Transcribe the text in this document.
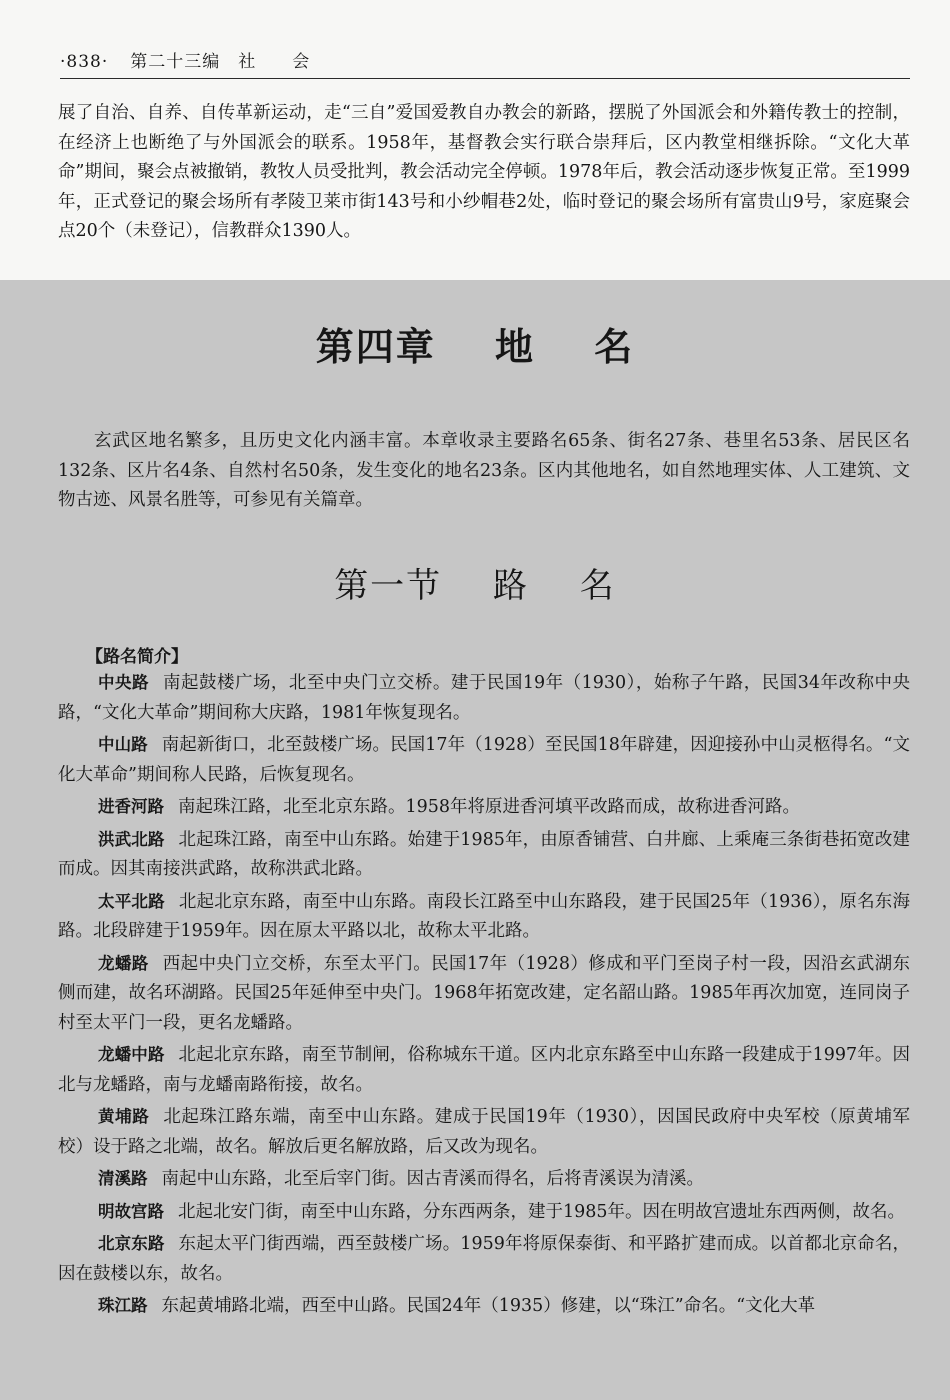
·838· 第二十三编　社　　会
展了自治、自养、自传革新运动，走“三自”爱国爱教自办教会的新路，摆脱了外国派会和外籍传教士的控制，在经济上也断绝了与外国派会的联系。1958年，基督教会实行联合崇拜后，区内教堂相继拆除。“文化大革命”期间，聚会点被撤销，教牧人员受批判，教会活动完全停顿。1978年后，教会活动逐步恢复正常。至1999年，正式登记的聚会场所有孝陵卫莱市街143号和小纱帽巷2处，临时登记的聚会场所有富贵山9号，家庭聚会点20个（未登记），信教群众1390人。
第四章 地 名
玄武区地名繁多，且历史文化内涵丰富。本章收录主要路名65条、街名27条、巷里名53条、居民区名132条、区片名4条、自然村名50条，发生变化的地名23条。区内其他地名，如自然地理实体、人工建筑、文物古迹、风景名胜等，可参见有关篇章。
第一节 路 名
【路名简介】

中央路 南起鼓楼广场，北至中央门立交桥。建于民国19年（1930），始称子午路，民国34年改称中央路，“文化大革命”期间称大庆路，1981年恢复现名。

中山路 南起新街口，北至鼓楼广场。民国17年（1928）至民国18年辟建，因迎接孙中山灵柩得名。“文化大革命”期间称人民路，后恢复现名。

进香河路 南起珠江路，北至北京东路。1958年将原进香河填平改路而成，故称进香河路。

洪武北路 北起珠江路，南至中山东路。始建于1985年，由原香铺营、白井廊、上乘庵三条街巷拓宽改建而成。因其南接洪武路，故称洪武北路。

太平北路 北起北京东路，南至中山东路。南段长江路至中山东路段，建于民国25年（1936），原名东海路。北段辟建于1959年。因在原太平路以北，故称太平北路。

龙蟠路 西起中央门立交桥，东至太平门。民国17年（1928）修成和平门至岗子村一段，因沿玄武湖东侧而建，故名环湖路。民国25年延伸至中央门。1968年拓宽改建，定名韶山路。1985年再次加宽，连同岗子村至太平门一段，更名龙蟠路。

龙蟠中路 北起北京东路，南至节制闸，俗称城东干道。区内北京东路至中山东路一段建成于1997年。因北与龙蟠路，南与龙蟠南路衔接，故名。

黄埔路 北起珠江路东端，南至中山东路。建成于民国19年（1930），因国民政府中央军校（原黄埔军校）设于路之北端，故名。解放后更名解放路，后又改为现名。

清溪路 南起中山东路，北至后宰门街。因古青溪而得名，后将青溪误为清溪。

明故宫路 北起北安门街，南至中山东路，分东西两条，建于1985年。因在明故宫遗址东西两侧，故名。

北京东路 东起太平门街西端，西至鼓楼广场。1959年将原保泰街、和平路扩建而成。以首都北京命名，因在鼓楼以东，故名。

珠江路 东起黄埔路北端，西至中山路。民国24年（1935）修建，以“珠江”命名。“文化大革
